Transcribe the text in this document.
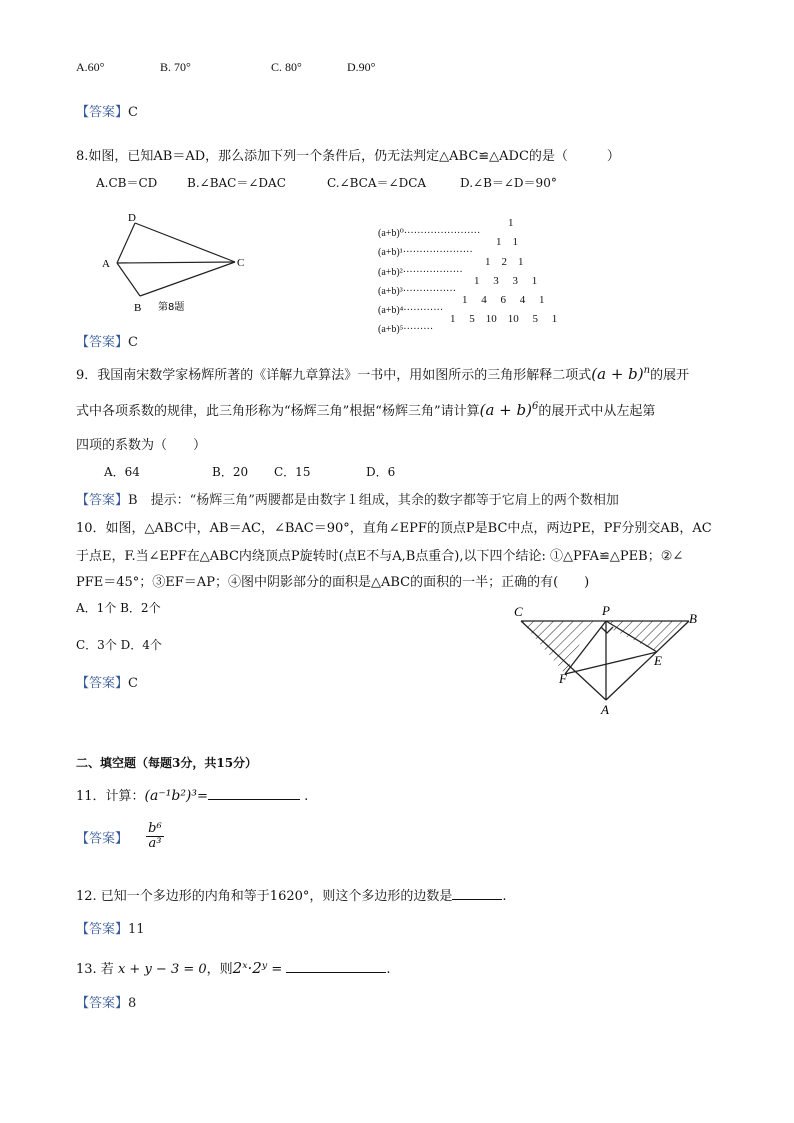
A.60°	B. 70°	C. 80°	D.90°
【答案】C
8.如图，已知AB＝AD，那么添加下列一个条件后，仍无法判定△ABC≌△ADC的是（　　　）
A.CB＝CD B.∠BAC＝∠DAC	C.∠BCA＝∠DCA	D.∠B＝∠D＝90°
D
A	C
B 第8题

(a+b)⁰·······················

1

(a+b)¹·····················

1    1

(a+b)²··················

1    2    1

(a+b)³················

1     3     3     1

(a+b)⁴············

1     4     6     4     1

(a+b)⁵·········

1     5    10    10     5     1

【答案】C
9．我国南宋数学家杨辉所著的《详解九章算法》一书中，用如图所示的三角形解释二项式$(a + b)^n$的展开
式中各项系数的规律，此三角形称为“杨辉三角”根据“杨辉三角”请计算$(a + b)^6$的展开式中从左起第
四项的系数为（　　）
A．64	B．20 C．15	D．6
【答案】B　提示：“杨辉三角”两腰都是由数字１组成，其余的数字都等于它肩上的两个数相加
10．如图，△ABC中，AB＝AC，∠BAC＝90°，直角∠EPF的顶点P是BC中点，两边PE，PF分别交AB，AC
于点E，F.当∠EPF在△ABC内绕顶点P旋转时(点E不与A,B点重合),以下四个结论: ①△PFA≌△PEB；②∠
PFE＝45°；③EF＝AP；④图中阴影部分的面积是△ABC的面积的一半；正确的有(　　)
A．1个 B．2个
C．3个 D．4个
C	P
B
E
F
A
【答案】C
二、填空题（每题3分，共15分）
11．计算：(a⁻¹b²)³=	.
【答案】 $\frac{\text{b⁶}}{\text{a³}}$
12. 已知一个多边形的内角和等于1620°，则这个多边形的边数是	.
【答案】11
13. 若 x + y − 3 = 0，则2ˣ·2ʸ =	.
【答案】8
